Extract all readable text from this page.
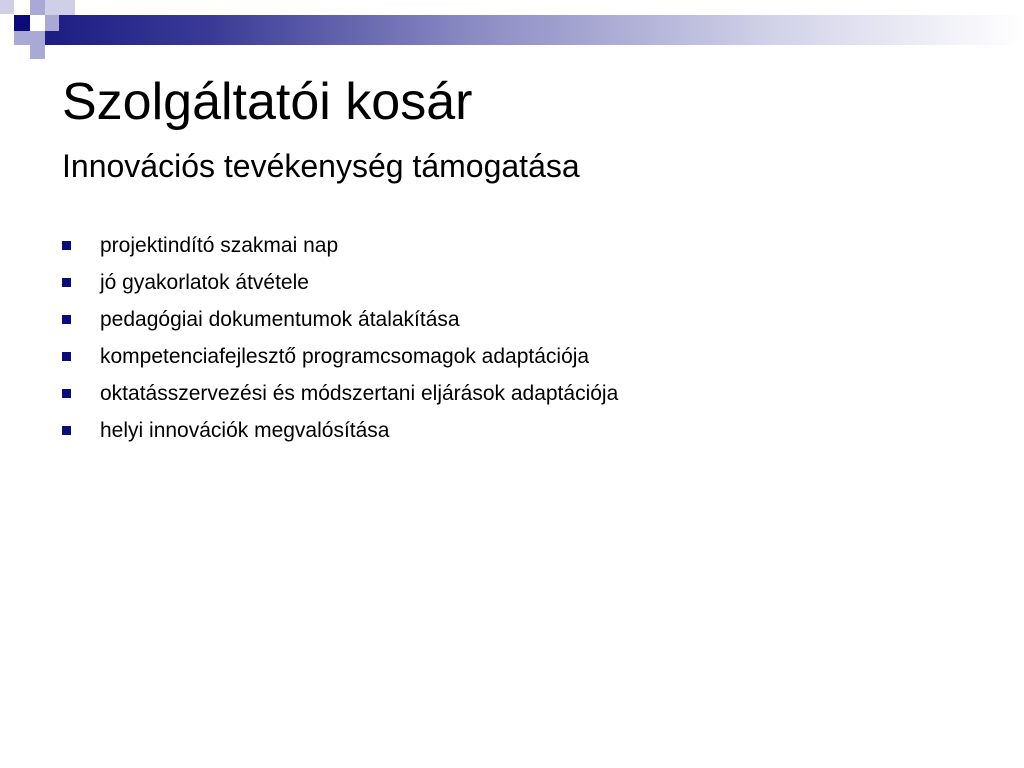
Szolgáltatói kosár
Innovációs tevékenység támogatása
projektindító szakmai nap
jó gyakorlatok átvétele
pedagógiai dokumentumok átalakítása
kompetenciafejlesztő programcsomagok adaptációja
oktatásszervezési és módszertani eljárások adaptációja
helyi innovációk megvalósítása
